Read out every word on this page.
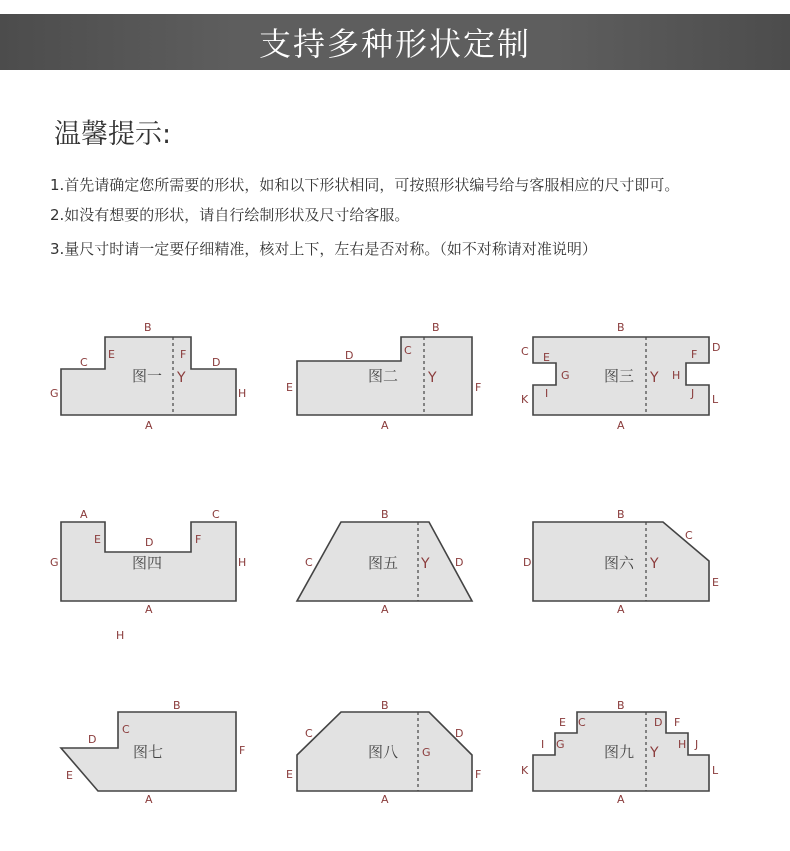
支持多种形状定制
温馨提示:
1.首先请确定您所需要的形状，如和以下形状相同，可按照形状编号给与客服相应的尺寸即可。
2.如没有想要的形状，请自行绘制形状及尺寸给客服。
3.量尺寸时请一定要仔细精准，核对上下，左右是否对称。（如不对称请对准说明）
图一
B
C
E	F
D
G	H
A
Y	图二
B
C
D
E	F
A
Y	图三
B
C E	F
D
G	H
I	J
K	L
A
Y
图四
A	C
D
E	F
G	H
A
H
图五
B
C	D
A
Y	图六
B
C
D
E
A
Y
图七
B
C
D
E
F
A
图八
B
C	D
E	F
G
A
图九
B
E C	D F
I G	H J
K	L
A
Y
